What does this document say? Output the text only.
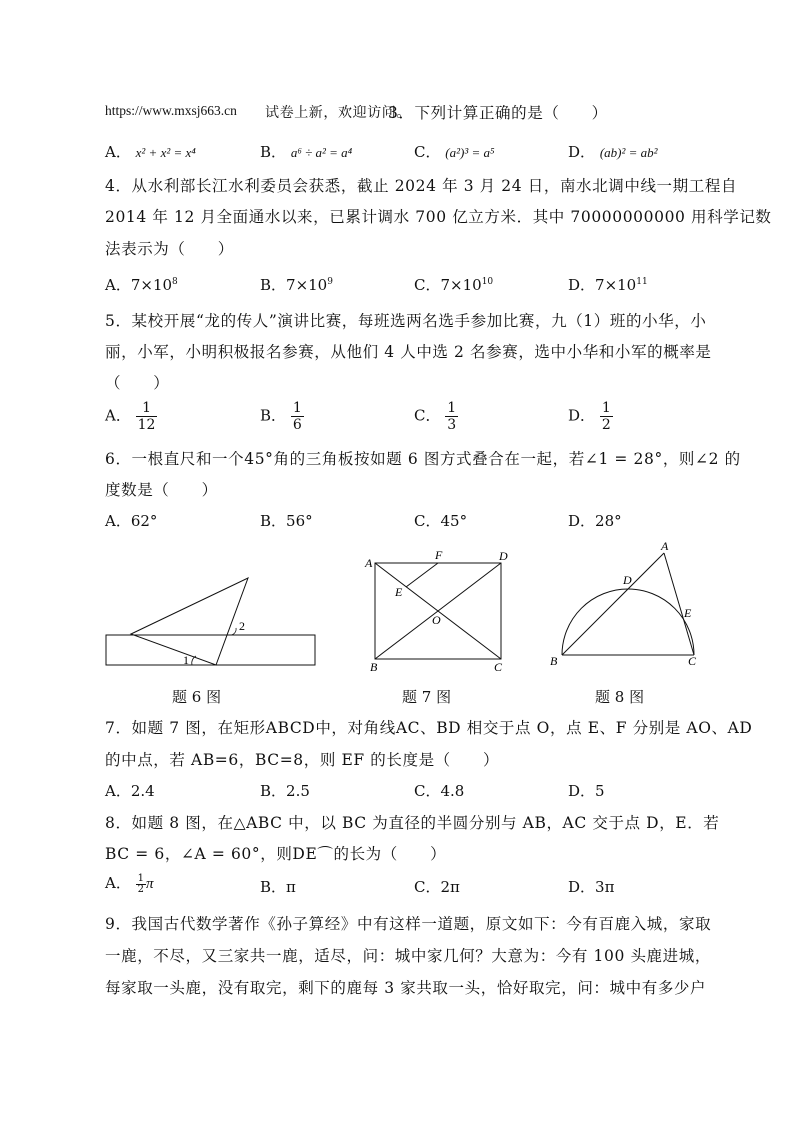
https://www.mxsj663.cn 试卷上新，欢迎访问。
3．下列计算正确的是（　　）
A． x² + x² = x⁴	B． a⁶ ÷ a² = a⁴	C． (a²)³ = a⁵	D． (ab)² = ab²
4．从水利部长江水利委员会获悉，截止 2024 年 3 月 24 日，南水北调中线一期工程自
2014 年 12 月全面通水以来，已累计调水 700 亿立方米．其中 70000000000 用科学记数
法表示为（　　）
A．$7\times 10^8$	B．$7\times 10^9$	C．$7\times 10^{10}$	D．$7\times 10^{11}$
5．某校开展“龙的传人”演讲比赛，每班选两名选手参加比赛，九（1）班的小华，小
丽，小军，小明积极报名参赛，从他们 4 人中选 2 名参赛，选中小华和小军的概率是
（　　）
A． $\frac{1}{12}$	B． $\frac{1}{6}$	C． $\frac{1}{3}$	D． $\frac{1}{2}$
6．一根直尺和一个45°角的三角板按如题 6 图方式叠合在一起，若∠1 = 28°，则∠2 的
度数是（　　）
A．62°	B．56°	C．45°	D．28°
1
2
题 6 图
A
B	C
D
E
F
O
题 7 图
A
B	C
D
E
题 8 图
7．如题 7 图，在矩形ABCD中，对角线AC、BD 相交于点 O，点 E、F 分别是 AO、AD
的中点，若 AB=6，BC=8，则 EF 的长度是（　　）
A．2.4	B．2.5	C．4.8	D．5
8．如题 8 图，在△ABC 中，以 BC 为直径的半圆分别与 AB，AC 交于点 D，E．若
BC = 6，∠A = 60°，则DE⌒的长为（　　）
A． $\frac{1}{2}$ π	B．π	C．2π	D．3π
9．我国古代数学著作《孙子算经》中有这样一道题，原文如下：今有百鹿入城，家取
一鹿，不尽，又三家共一鹿，适尽，问：城中家几何？大意为：今有 100 头鹿进城，
每家取一头鹿，没有取完，剩下的鹿每 3 家共取一头，恰好取完，问：城中有多少户
